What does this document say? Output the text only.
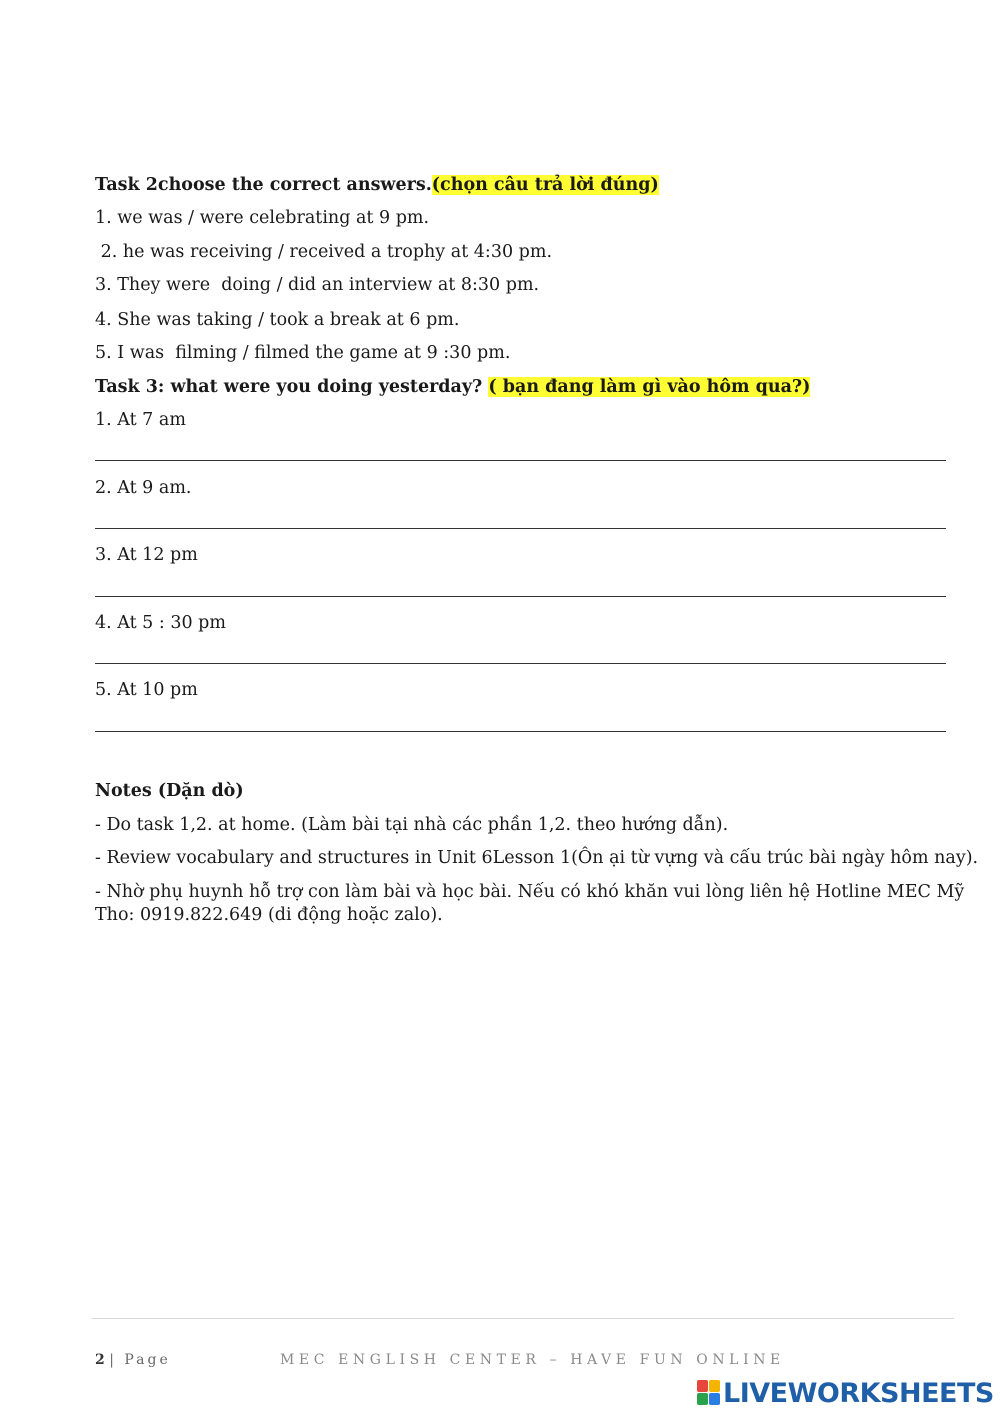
Task 2choose the correct answers.(chọn câu trả lời đúng)
1. we was / were celebrating at 9 pm.
2. he was receiving / received a trophy at 4:30 pm.
3. They were  doing / did an interview at 8:30 pm.
4. She was taking / took a break at 6 pm.
5. I was  filming / filmed the game at 9 :30 pm.
Task 3: what were you doing yesterday? ( bạn đang làm gì vào hôm qua?)
1. At 7 am
2. At 9 am.
3. At 12 pm
4. At 5 : 30 pm
5. At 10 pm
Notes (Dặn dò)
- Do task 1,2. at home. (Làm bài tại nhà các phần 1,2. theo hướng dẫn).
- Review vocabulary and structures in Unit 6Lesson 1(Ôn ại từ vựng và cấu trúc bài ngày hôm nay).
- Nhờ phụ huynh hỗ trợ con làm bài và học bài. Nếu có khó khăn vui lòng liên hệ Hotline MEC Mỹ Tho: 0919.822.649 (di động hoặc zalo).
2 | Page	MEC ENGLISH CENTER – HAVE FUN ONLINE
LIVEWORKSHEETS
